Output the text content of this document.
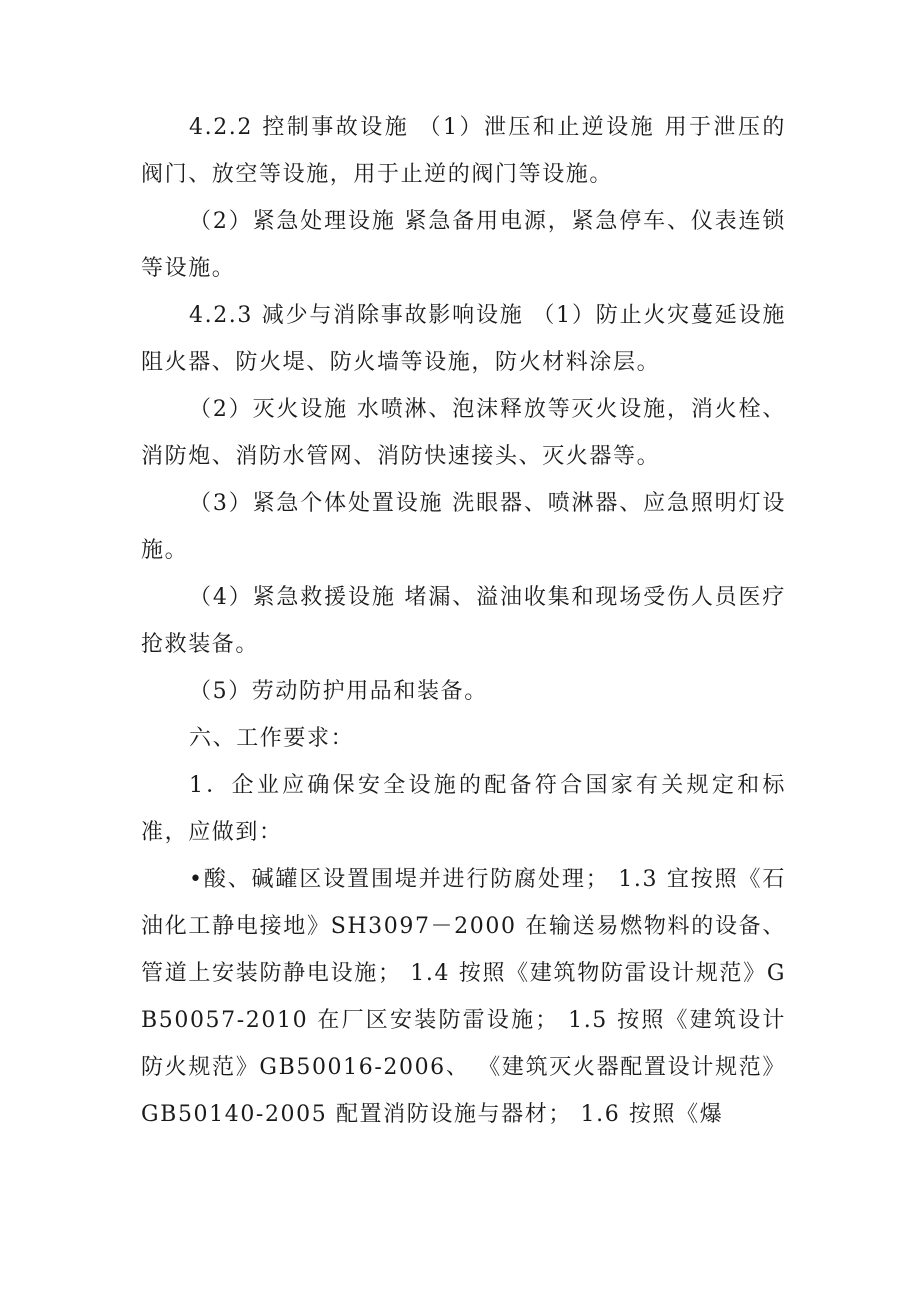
4.2.2 控制事故设施 （1）泄压和止逆设施 用于泄压的阀门、放空等设施，用于止逆的阀门等设施。

（2）紧急处理设施 紧急备用电源，紧急停车、仪表连锁等设施。

4.2.3 减少与消除事故影响设施 （1）防止火灾蔓延设施 阻火器、防火堤、防火墙等设施，防火材料涂层。

（2）灭火设施 水喷淋、泡沫释放等灭火设施，消火栓、消防炮、消防水管网、消防快速接头、灭火器等。

（3）紧急个体处置设施 洗眼器、喷淋器、应急照明灯设施。

（4）紧急救援设施 堵漏、溢油收集和现场受伤人员医疗抢救装备。

（5）劳动防护用品和装备。

六、工作要求：

1．企业应确保安全设施的配备符合国家有关规定和标准，应做到：

•酸、碱罐区设置围堤并进行防腐处理； 1.3 宜按照《石油化工静电接地》SH3097－2000 在输送易燃物料的设备、管道上安装防静电设施； 1.4 按照《建筑物防雷设计规范》GB50057-2010 在厂区安装防雷设施； 1.5 按照《建筑设计防火规范》GB50016-2006、 《建筑灭火器配置设计规范》GB50140-2005 配置消防设施与器材； 1.6 按照《爆
